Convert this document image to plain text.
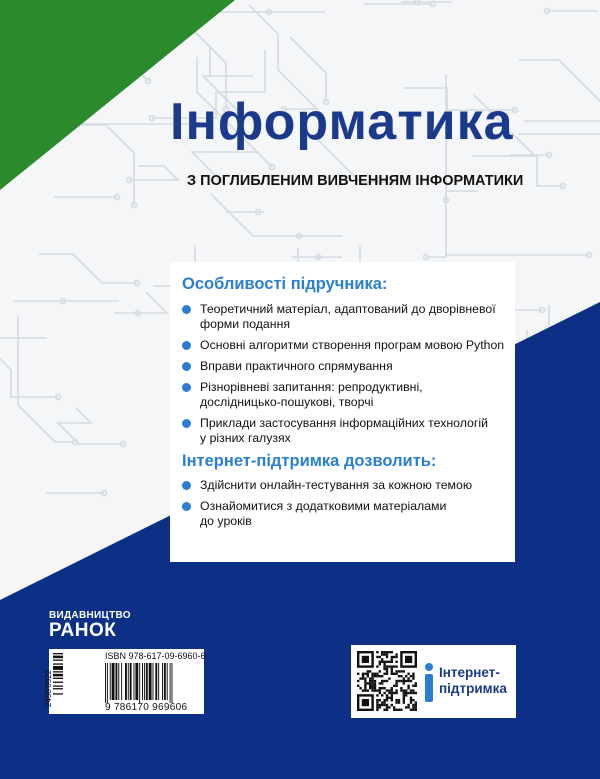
Інформатика

З ПОГЛИБЛЕНИМ ВИВЧЕННЯМ ІНФОРМАТИКИ

Особливості підручника:

Теоретичний матеріал, адаптований до дворівневої
форми подання
Основні алгоритми створення програм мовою Python
Вправи практичного спрямування
Різнорівневі запитання: репродуктивні,
дослідницько-пошукові, творчі
Приклади застосування інформаційних технологій
у різних галузях

Інтернет-підтримка дозволить:

Здійснити онлайн-тестування за кожною темою
Ознайомитися з додатковими матеріалами
до уроків
ВИДАВНИЦТВО
РАНОК
2458'0922

ISBN 978-617-09-6960-6

9 786170 969606

Інтернет-
підтримка
